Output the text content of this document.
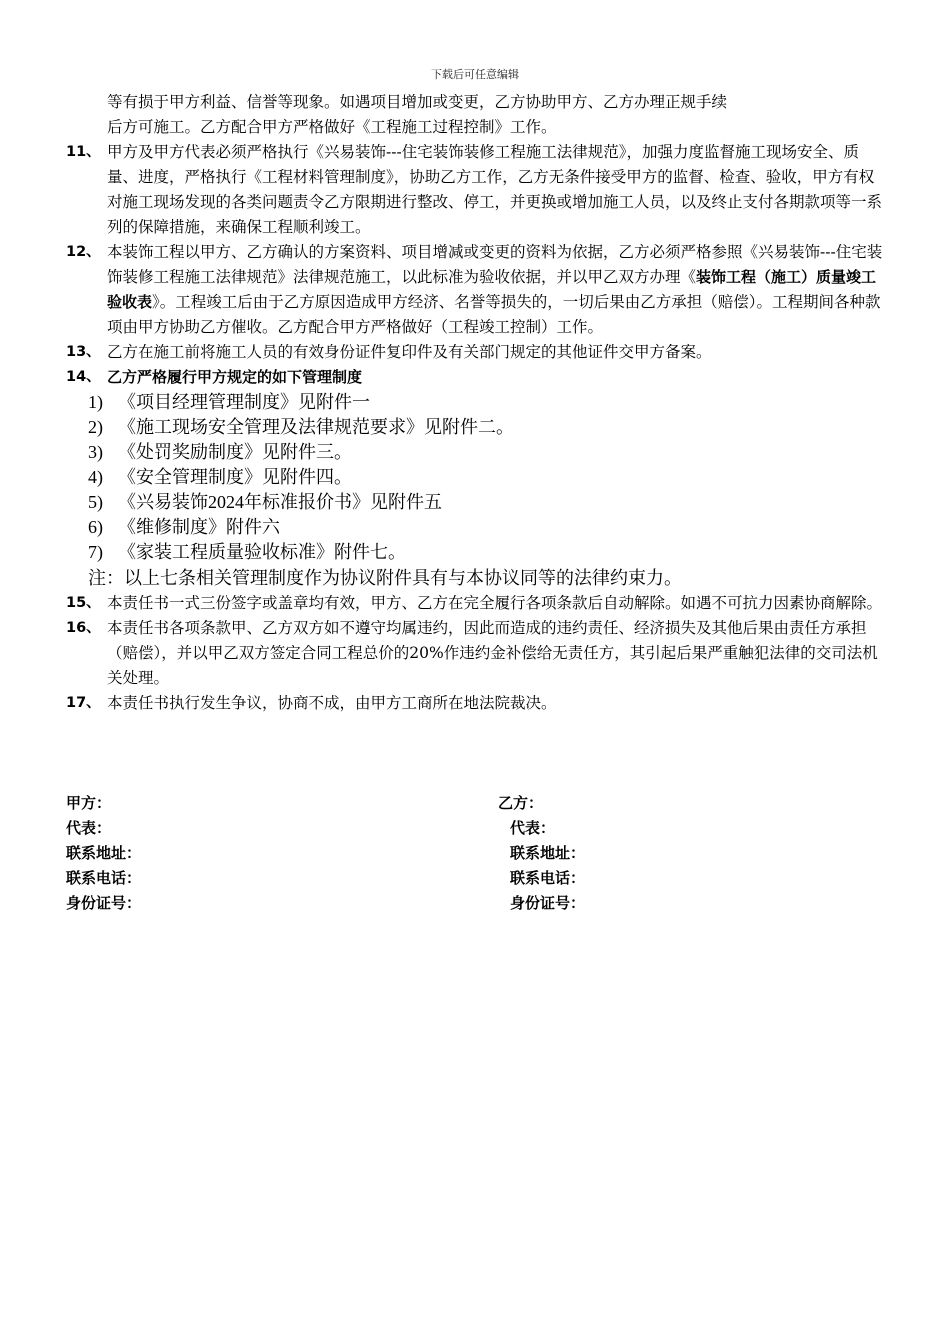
下载后可任意编辑

等有损于甲方利益、信誉等现象。如遇项目增加或变更，乙方协助甲方、乙方办理正规手续

后方可施工。乙方配合甲方严格做好《工程施工过程控制》工作。

11、 甲方及甲方代表必须严格执行《兴易装饰---住宅装饰装修工程施工法律规范》，加强力度监督施工现场安全、质量、进度，严格执行《工程材料管理制度》，协助乙方工作，乙方无条件接受甲方的监督、检查、验收，甲方有权对施工现场发现的各类问题责令乙方限期进行整改、停工，并更换或增加施工人员，以及终止支付各期款项等一系列的保障措施，来确保工程顺利竣工。
12、 本装饰工程以甲方、乙方确认的方案资料、项目增减或变更的资料为依据，乙方必须严格参照《兴易装饰---住宅装饰装修工程施工法律规范》法律规范施工，以此标准为验收依据，并以甲乙双方办理《装饰工程（施工）质量竣工验收表》。工程竣工后由于乙方原因造成甲方经济、名誉等损失的，一切后果由乙方承担（赔偿）。工程期间各种款项由甲方协助乙方催收。乙方配合甲方严格做好（工程竣工控制）工作。
13、 乙方在施工前将施工人员的有效身份证件复印件及有关部门规定的其他证件交甲方备案。
14、 乙方严格履行甲方规定的如下管理制度
1) 《项目经理管理制度》见附件一
2) 《施工现场安全管理及法律规范要求》见附件二。
3) 《处罚奖励制度》见附件三。
4) 《安全管理制度》见附件四。
5) 《兴易装饰2024年标准报价书》见附件五
6) 《维修制度》附件六
7) 《家装工程质量验收标准》附件七。
注：以上七条相关管理制度作为协议附件具有与本协议同等的法律约束力。
15、 本责任书一式三份签字或盖章均有效，甲方、乙方在完全履行各项条款后自动解除。如遇不可抗力因素协商解除。
16、 本责任书各项条款甲、乙方双方如不遵守均属违约，因此而造成的违约责任、经济损失及其他后果由责任方承担（赔偿），并以甲乙双方签定合同工程总价的20%作违约金补偿给无责任方，其引起后果严重触犯法律的交司法机关处理。
17、 本责任书执行发生争议，协商不成，由甲方工商所在地法院裁决。
甲方：	乙方：
代表：	代表：
联系地址：	联系地址：
联系电话：	联系电话：
身份证号：	身份证号：
